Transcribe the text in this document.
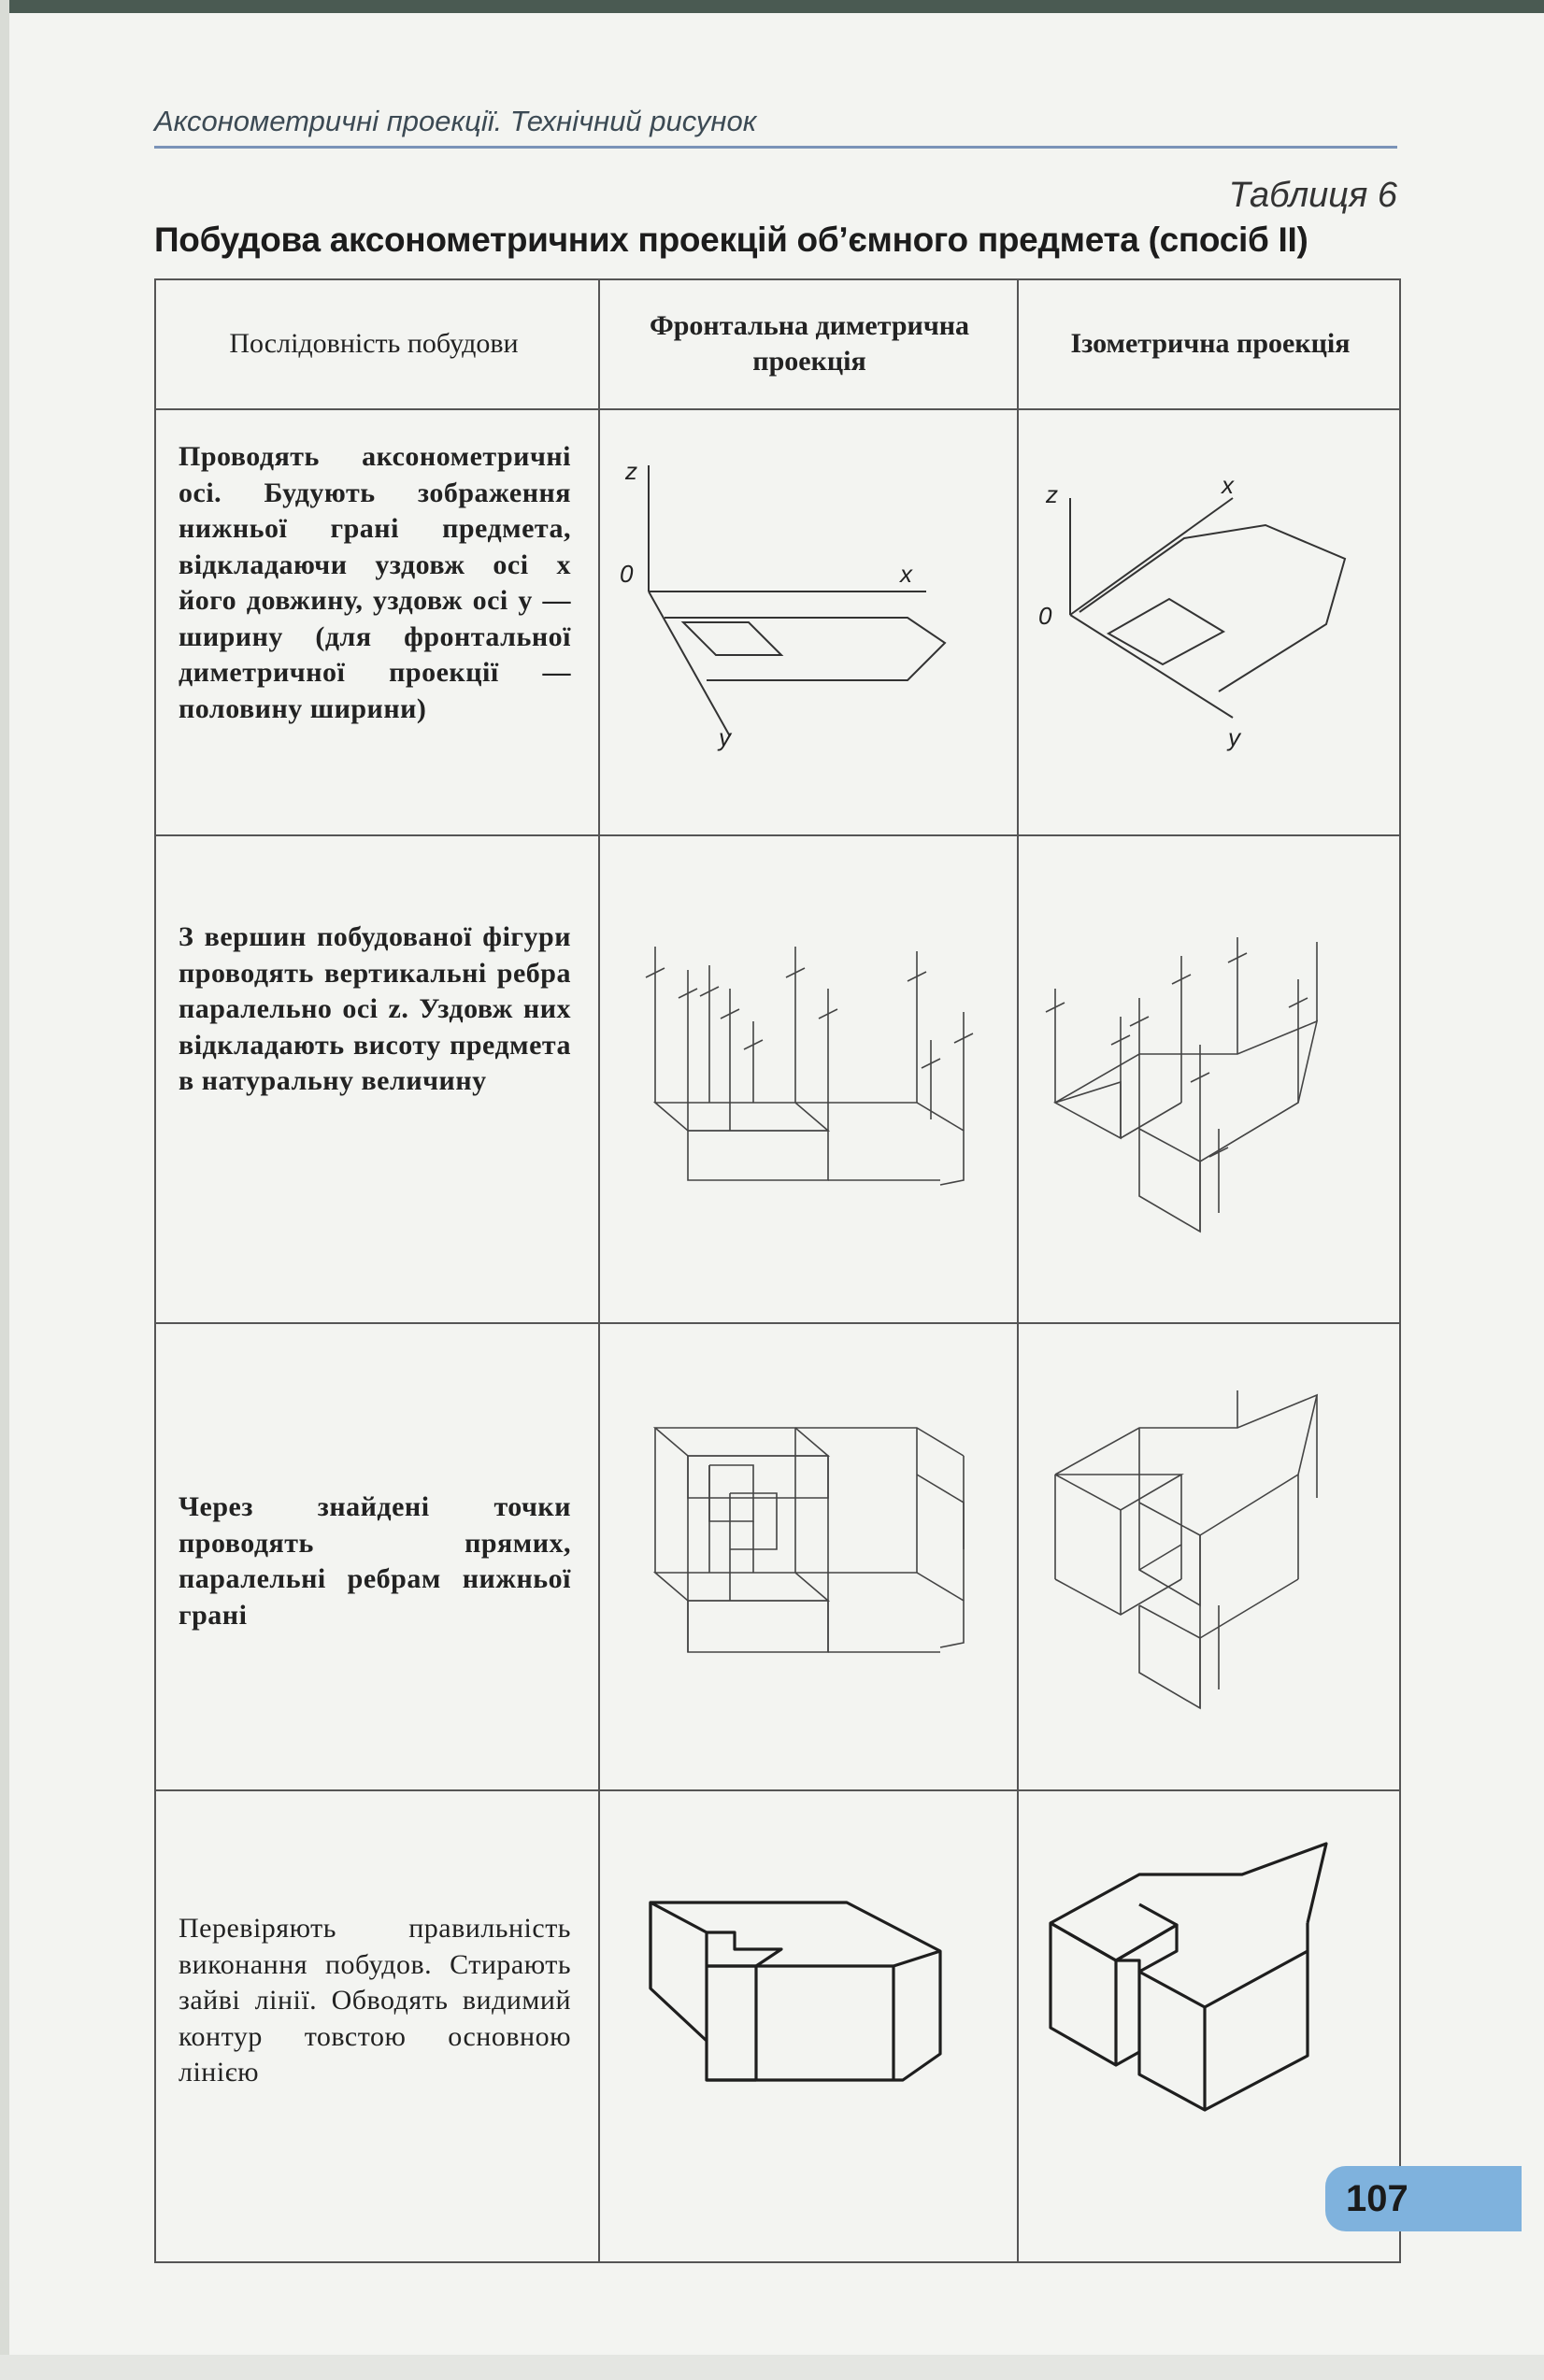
Аксонометричні проекції. Технічний рисунок
Таблиця 6
Побудова аксонометричних проекцій об’ємного предмета (спосіб II)
Послідовність побудови
Фронтальна диметрична проекція
Ізометрична проекція
Проводять аксонометричні осі. Будують зображення нижньої грані предмета, відкладаючи уздовж осі x його довжину, уздовж осі y — ширину (для фронтальної диметричної проекції — половину ширини)
З вершин побудованої фігури проводять вертикальні ребра паралельно осі z. Уздовж них відкладають висоту предмета в натуральну величину
Через знайдені точки проводять прямих, паралельні ребрам нижньої грані
Перевіряють правильність виконання побудов. Стирають зайві лінії. Обводять видимий контур товстою основною лінією
z
0	x
y
z
0
x
y
107
